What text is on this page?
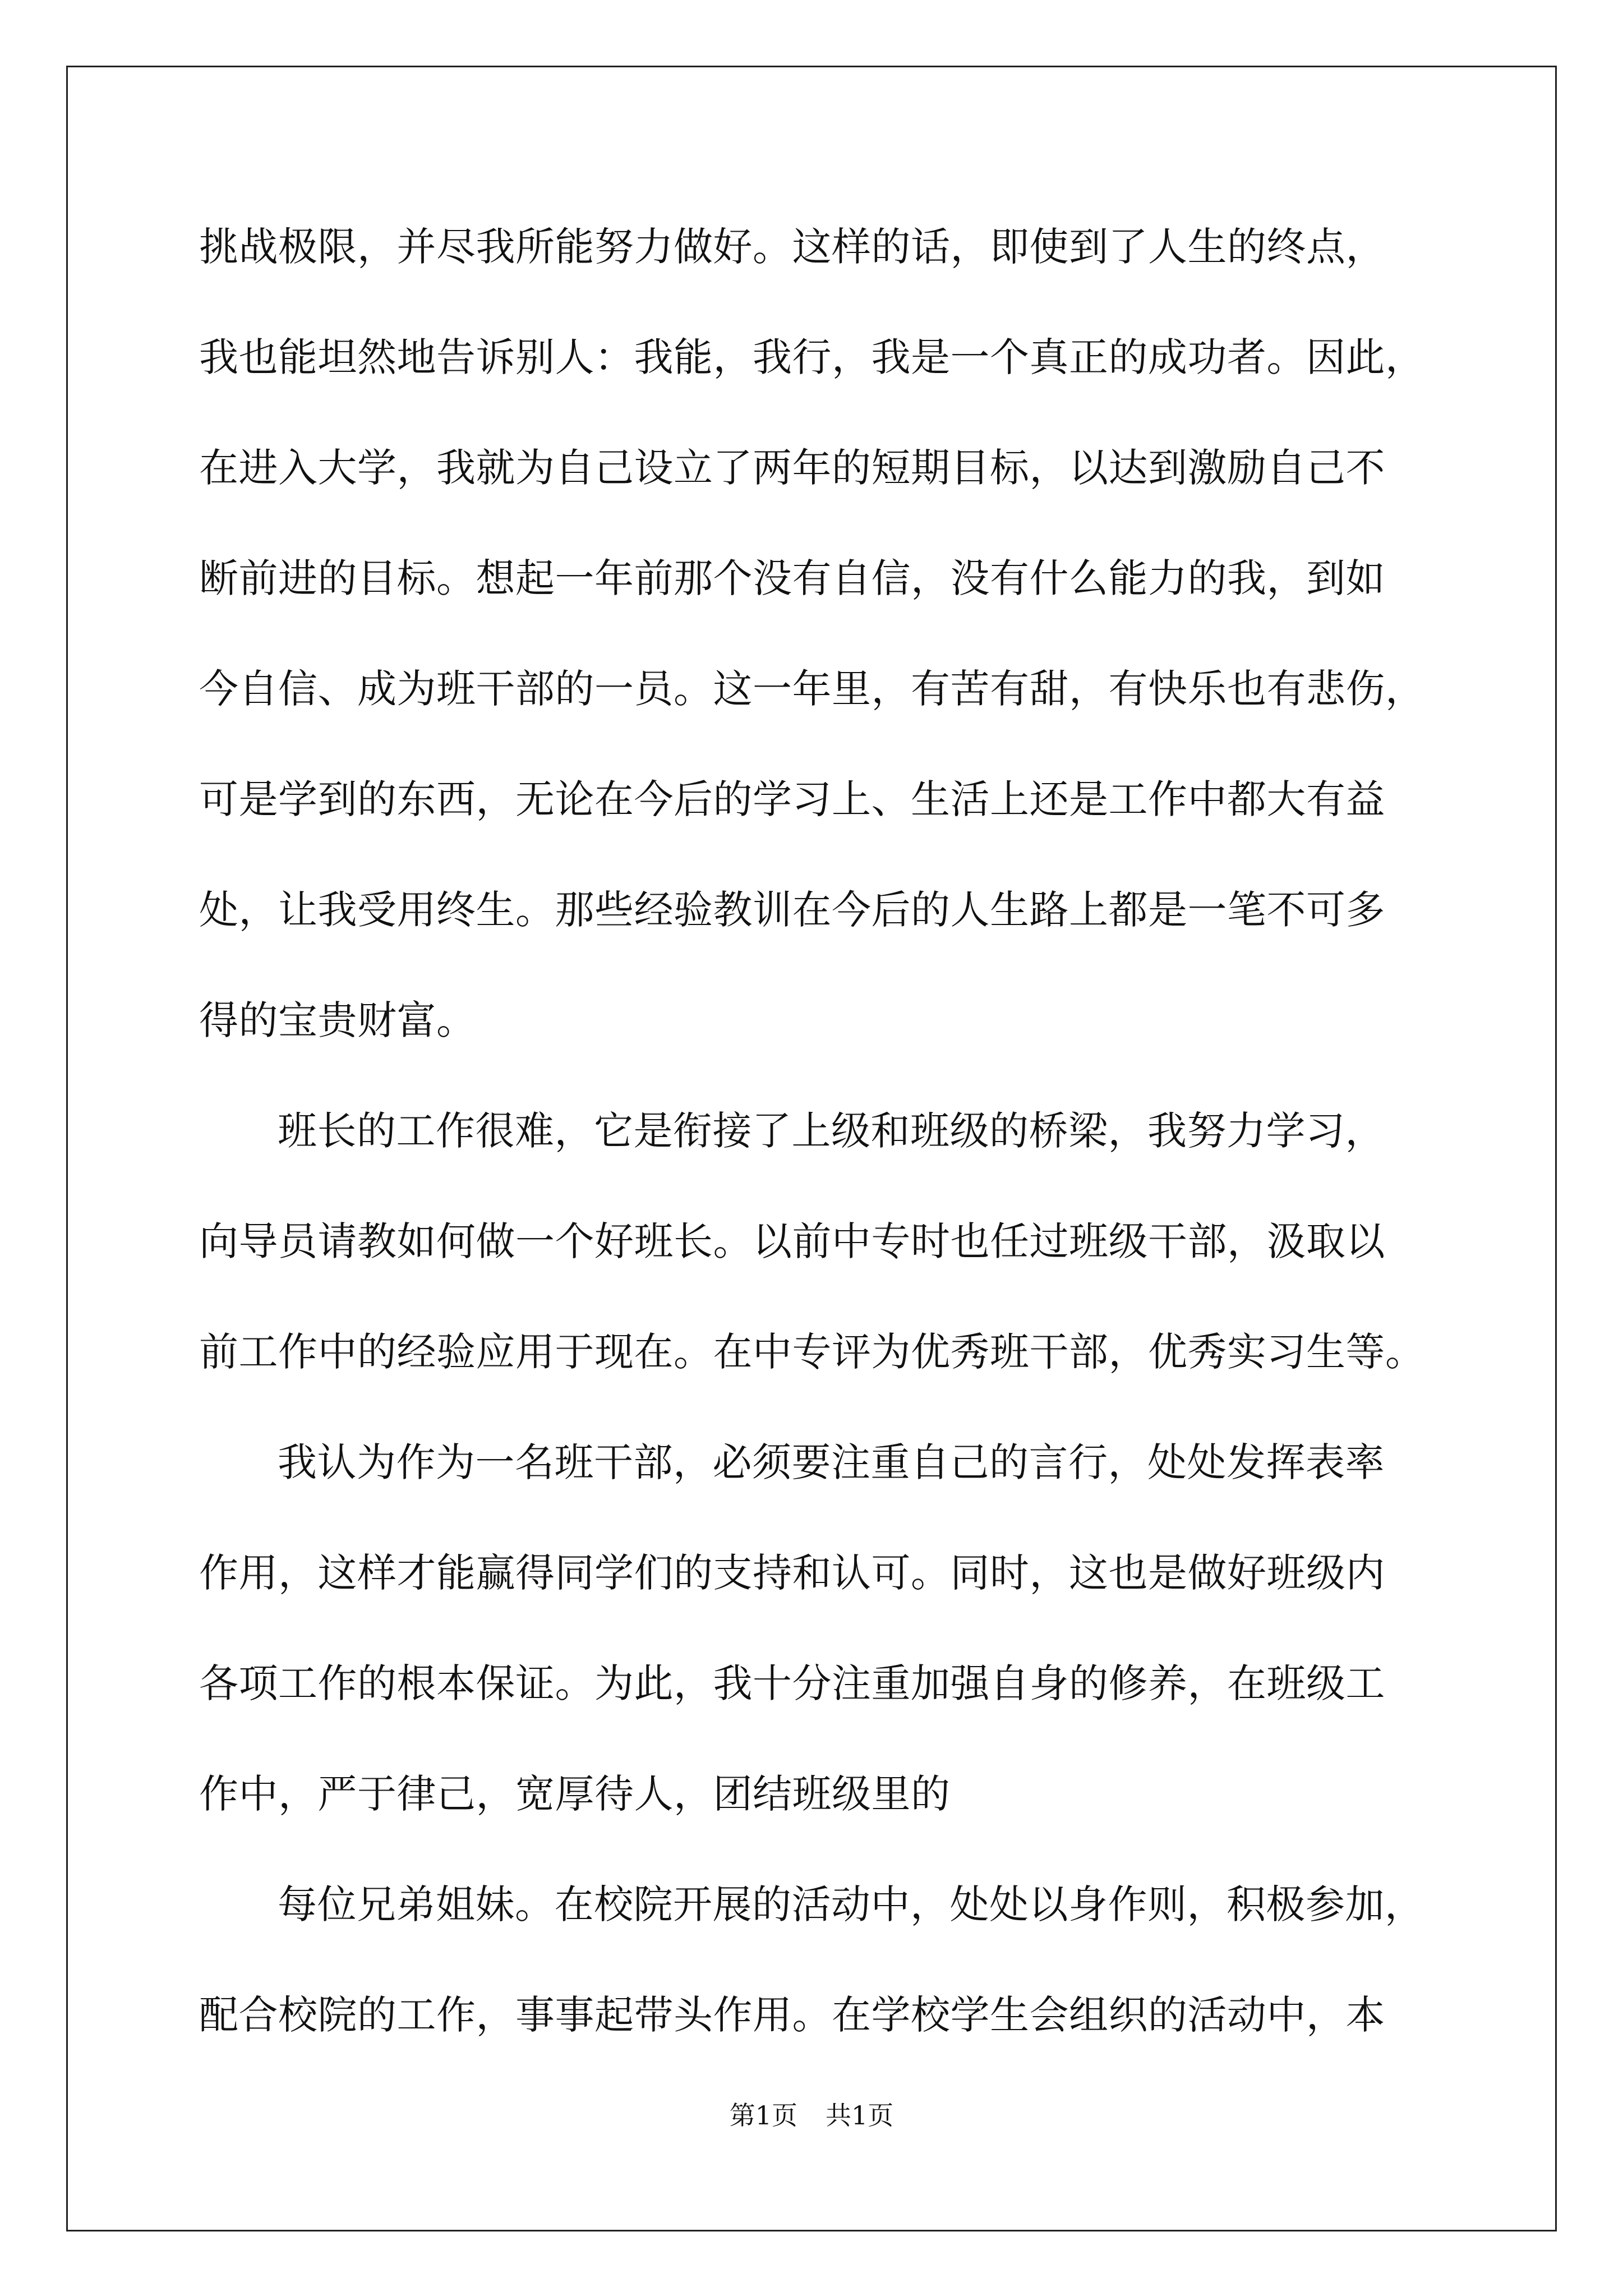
挑战极限，并尽我所能努力做好。这样的话，即使到了人生的终点，
我也能坦然地告诉别人：我能，我行，我是一个真正的成功者。因此，
在进入大学，我就为自己设立了两年的短期目标，以达到激励自己不
断前进的目标。想起一年前那个没有自信，没有什么能力的我，到如
今自信、成为班干部的一员。这一年里，有苦有甜，有快乐也有悲伤，
可是学到的东西，无论在今后的学习上、生活上还是工作中都大有益
处，让我受用终生。那些经验教训在今后的人生路上都是一笔不可多
得的宝贵财富。
班长的工作很难，它是衔接了上级和班级的桥梁，我努力学习，
向导员请教如何做一个好班长。以前中专时也任过班级干部，汲取以
前工作中的经验应用于现在。在中专评为优秀班干部，优秀实习生等。
我认为作为一名班干部，必须要注重自己的言行，处处发挥表率
作用，这样才能赢得同学们的支持和认可。同时，这也是做好班级内
各项工作的根本保证。为此，我十分注重加强自身的修养，在班级工
作中，严于律己，宽厚待人，团结班级里的
每位兄弟姐妹。在校院开展的活动中，处处以身作则，积极参加，
配合校院的工作，事事起带头作用。在学校学生会组织的活动中，本
第1页 共1页
